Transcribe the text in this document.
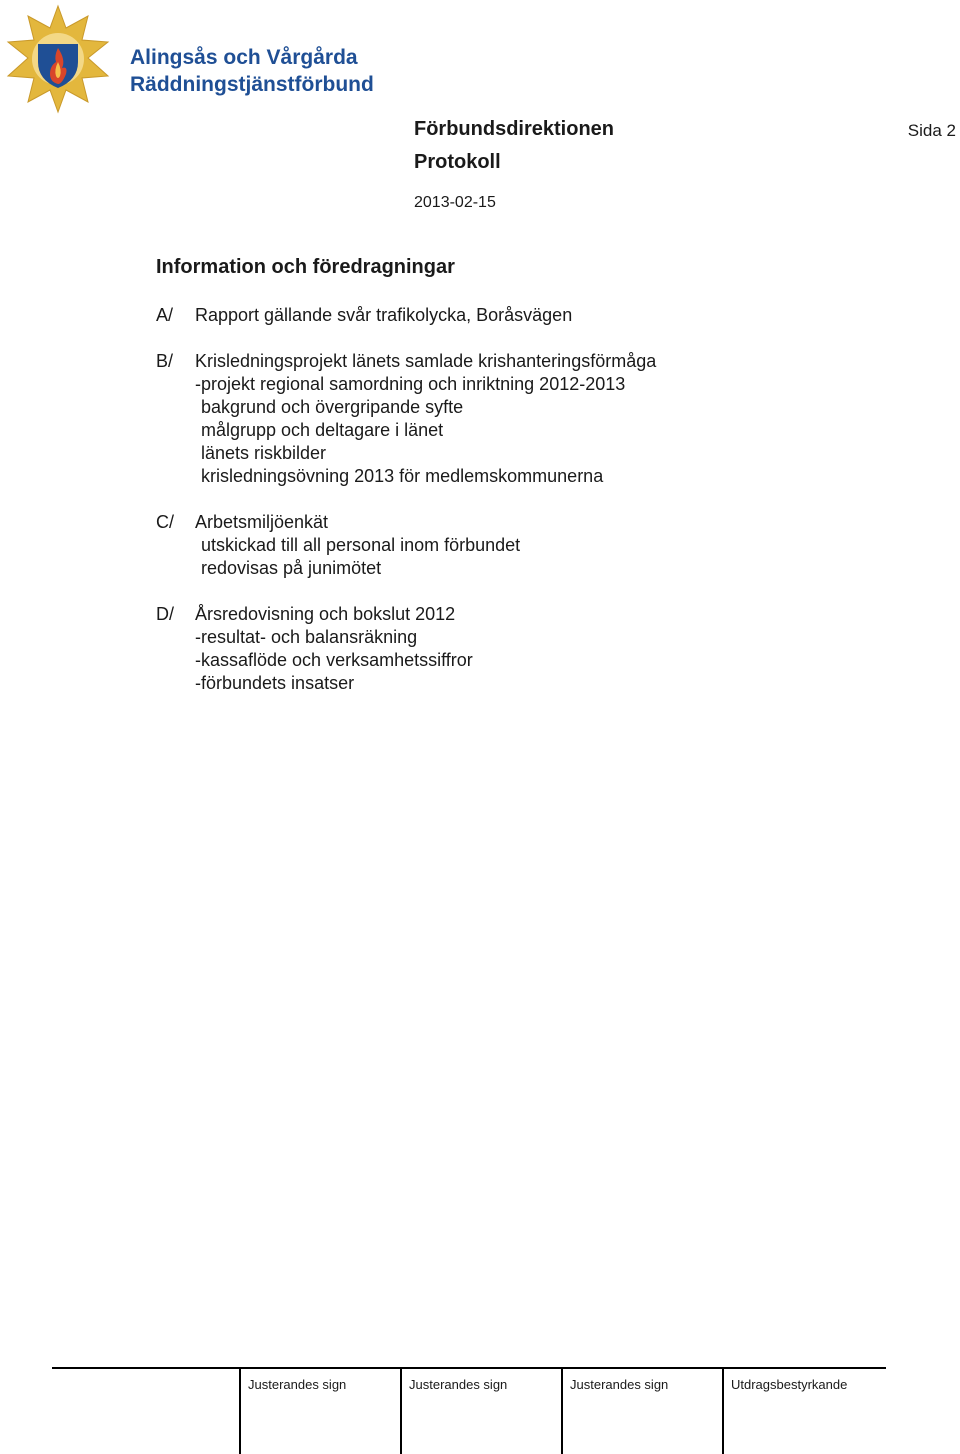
Alingsås och Vårgårda
Räddningstjänstförbund
Förbundsdirektionen
Protokoll
2013-02-15
Sida 2
Information och föredragningar
A/ Rapport gällande svår trafikolycka, Boråsvägen
B/ Krisledningsprojekt länets samlade krishanteringsförmåga
-projekt regional samordning och inriktning 2012-2013
bakgrund och övergripande syfte
målgrupp och deltagare i länet
länets riskbilder
krisledningsövning 2013 för medlemskommunerna
C/ Arbetsmiljöenkät
utskickad till all personal inom förbundet
redovisas på junimötet
D/ Årsredovisning och bokslut 2012
-resultat- och balansräkning
-kassaflöde och verksamhetssiffror
-förbundets insatser
Justerandes sign	Justerandes sign	Justerandes sign	Utdragsbestyrkande
